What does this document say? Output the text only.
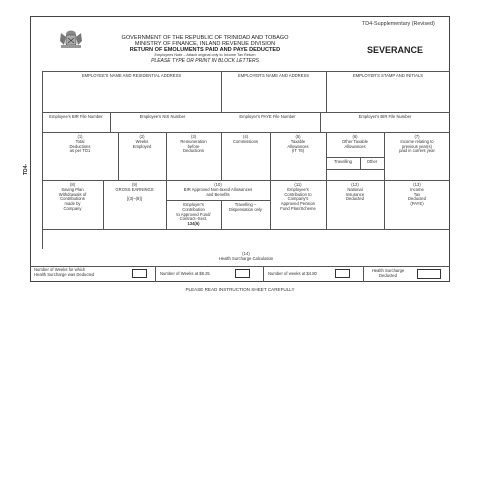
TD4-Supplementary (Revised)
GOVERNMENT OF THE REPUBLIC OF TRINIDAD AND TOBAGO
MINISTRY OF FINANCE, INLAND REVENUE DIVISION
RETURN OF EMOLUMENTS PAID AND PAYE DEDUCTED
Employees Note – Attach original only to Income Tax Return
PLEASE TYPE OR PRINT IN BLOCK LETTERS
SEVERANCE
TD4-
EMPLOYEE'S NAME AND RESIDENTIAL ADDRESS	EMPLOYER'S NAME AND ADDRESS	EMPLOYER'S STAMP AND INITIALS
Employee's BIR File Number	Employee's NIS Number	Employer's PAYE File Number	Employer's BIR File Number
(1)
Total
Deductions
as per TD1
(2)
Weeks
Employed
(3)
Remuneration
before
Deductions
(4)
Commissions
(5)
Taxable
Allowances
(IT 76)
(6)
Other Taxable
Allowances
Travelling	Other
(7)
Income relating to
previous year(s)
paid in current year
(8)
Saving Plan
Withdrawals of
Contributions
made by
Company
(9)
GROSS EARNINGS

[(3)–(8)]
(10)
BIR Approved Non-taxed Allowances
and Benefits
Employer's
Contribution
to Approved Fund/
Contract–Sect.
134(6)
Travelling –
Dispensation only
(11)
Employee's
Contribution to
Company's
Approved Pension
Fund Plan/Scheme
(12)
National
Insurance
Deducted
(13)
Income
Tax
Deducted
(PAYE)
(14)
Health Surcharge Calculation
Number of Weeks for which
Health Surcharge was Deducted	Number of Weeks at $8.25	Number of weeks at $4.80
Health Surcharge
Deducted
PLEASE READ INSTRUCTION SHEET CAREFULLY
